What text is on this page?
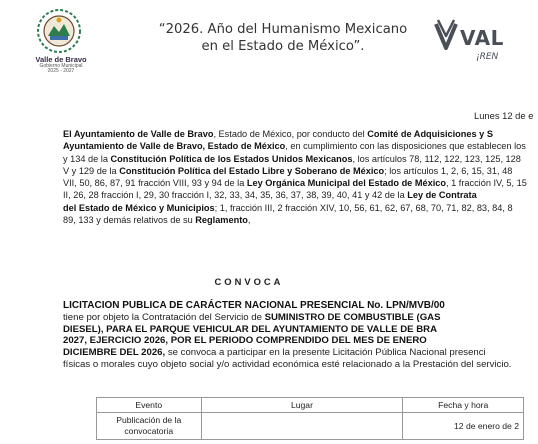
Valle de Bravo
Gobierno Municipal
2025 - 2027
“2026. Año del Humanismo Mexicano
en el Estado de México”.	VAL
¡REN
Lunes 12 de e
El Ayuntamiento de Valle de Bravo, Estado de México, por conducto del Comité de Adquisiciones y S
Ayuntamiento de Valle de Bravo, Estado de México, en cumplimiento con las disposiciones que establecen los
y 134 de la Constitución Política de los Estados Unidos Mexicanos, los artículos 78, 112, 122, 123, 125, 128
V y 129 de la Constitución Política del Estado Libre y Soberano de México; los artículos 1, 2, 6, 15, 31, 48
VII, 50, 86, 87, 91 fracción VIII, 93 y 94 de la Ley Orgánica Municipal del Estado de México, 1 fracción IV, 5, 15
II, 26, 28 fracción I, 29, 30 fracción I, 32, 33, 34, 35, 36, 37, 38, 39, 40, 41 y 42 de la Ley de Contrata
del Estado de México y Municipios; 1, fracción III, 2 fracción XIV, 10, 56, 61, 62, 67, 68, 70, 71, 82, 83, 84, 8
89, 133 y demás relativos de su Reglamento,
CONVOCA
LICITACION PUBLICA DE CARÁCTER NACIONAL PRESENCIAL No. LPN/MVB/00
tiene por objeto la Contratación del Servicio de SUMINISTRO DE COMBUSTIBLE (GAS
DIESEL), PARA EL PARQUE VEHICULAR DEL AYUNTAMIENTO DE VALLE DE BRA
2027, EJERCICIO 2026, POR EL PERIODO COMPRENDIDO DEL MES DE ENERO
DICIEMBRE DEL 2026, se convoca a participar en la presente Licitación Pública Nacional presenci
físicas o morales cuyo objeto social y/o actividad económica esté relacionado a la Prestación del servicio.
Evento	Lugar	Fecha y hora
Publicación de la convocatoria		12 de enero de 2
